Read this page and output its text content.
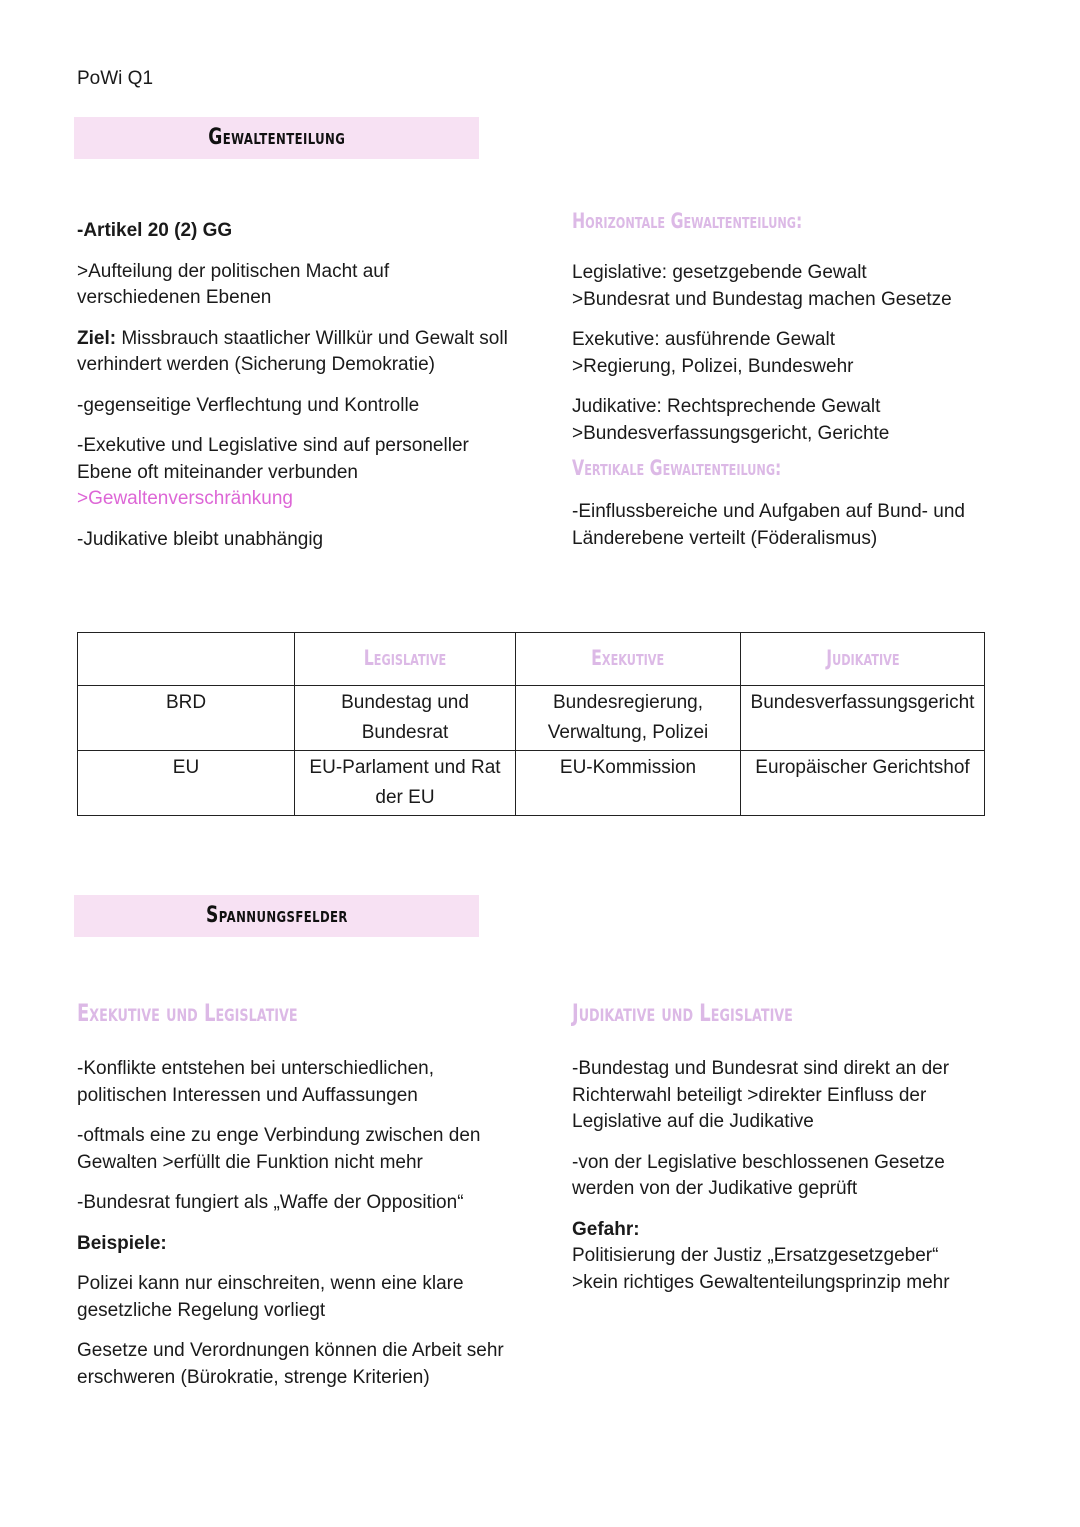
PoWi Q1
Gewaltenteilung

-Artikel 20 (2) GG

>Aufteilung der politischen Macht auf verschiedenen Ebenen

Ziel: Missbrauch staatlicher Willkür und Gewalt soll verhindert werden (Sicherung Demokratie)

-gegenseitige Verflechtung und Kontrolle

-Exekutive und Legislative sind auf personeller Ebene oft miteinander verbunden
>Gewaltenverschränkung

-Judikative bleibt unabhängig

Horizontale Gewaltenteilung:

Legislative: gesetzgebende Gewalt
>Bundesrat und Bundestag machen Gesetze

Exekutive: ausführende Gewalt
>Regierung, Polizei, Bundeswehr

Judikative: Rechtsprechende Gewalt
>Bundesverfassungsgericht, Gerichte

Vertikale Gewaltenteilung:

-Einflussbereiche und Aufgaben auf Bund- und Länderebene verteilt (Föderalismus)

	Legislative	Exekutive	Judikative
BRD	Bundestag und Bundesrat	Bundesregierung, Verwaltung, Polizei	Bundesverfassungsgericht
EU	EU-Parlament und Rat der EU	EU-Kommission	Europäischer Gerichtshof
Spannungsfelder
Exekutive und Legislative

-Konflikte entstehen bei unterschiedlichen, politischen Interessen und Auffassungen

-oftmals eine zu enge Verbindung zwischen den Gewalten >erfüllt die Funktion nicht mehr

-Bundesrat fungiert als „Waffe der Opposition“

Beispiele:

Polizei kann nur einschreiten, wenn eine klare gesetzliche Regelung vorliegt

Gesetze und Verordnungen können die Arbeit sehr erschweren (Bürokratie, strenge Kriterien)

Judikative und Legislative

-Bundestag und Bundesrat sind direkt an der Richterwahl beteiligt >direkter Einfluss der Legislative auf die Judikative

-von der Legislative beschlossenen Gesetze werden von der Judikative geprüft

Gefahr:
Politisierung der Justiz „Ersatzgesetzgeber“
>kein richtiges Gewaltenteilungsprinzip mehr
